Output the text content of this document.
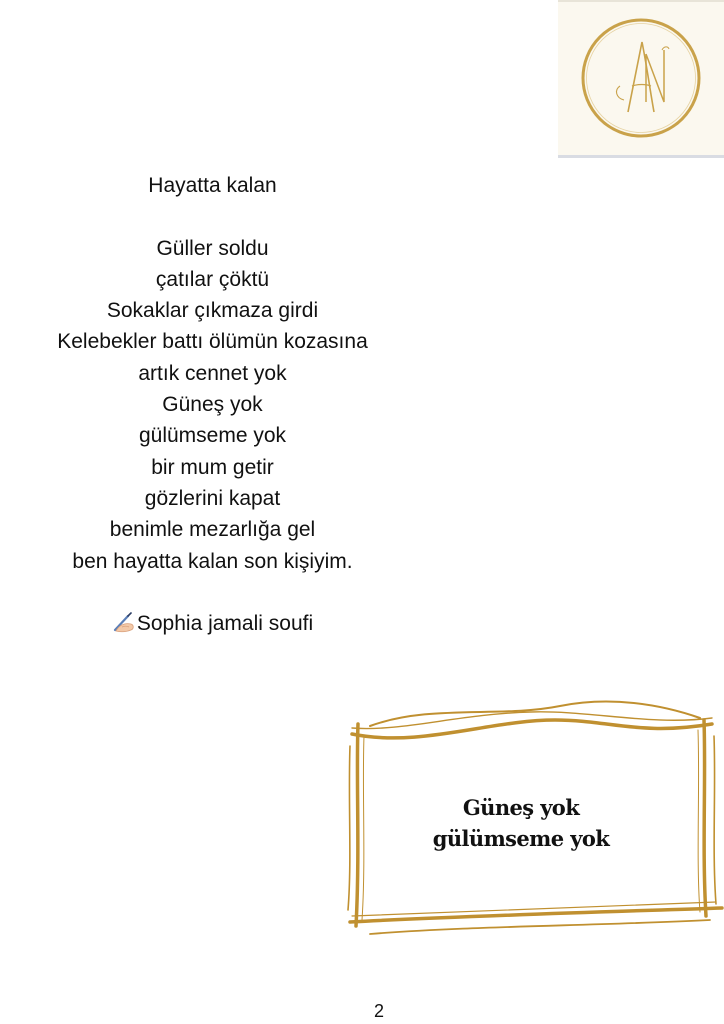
Hayatta kalan
Güller soldu
çatılar çöktü
Sokaklar çıkmaza girdi
Kelebekler battı ölümün kozasına
artık cennet yok
Güneş yok
gülümseme yok
bir mum getir
gözlerini kapat
benimle mezarlığa gel
ben hayatta kalan son kişiyim.
Sophia jamali soufi
Güneş yok
gülümseme yok
2
